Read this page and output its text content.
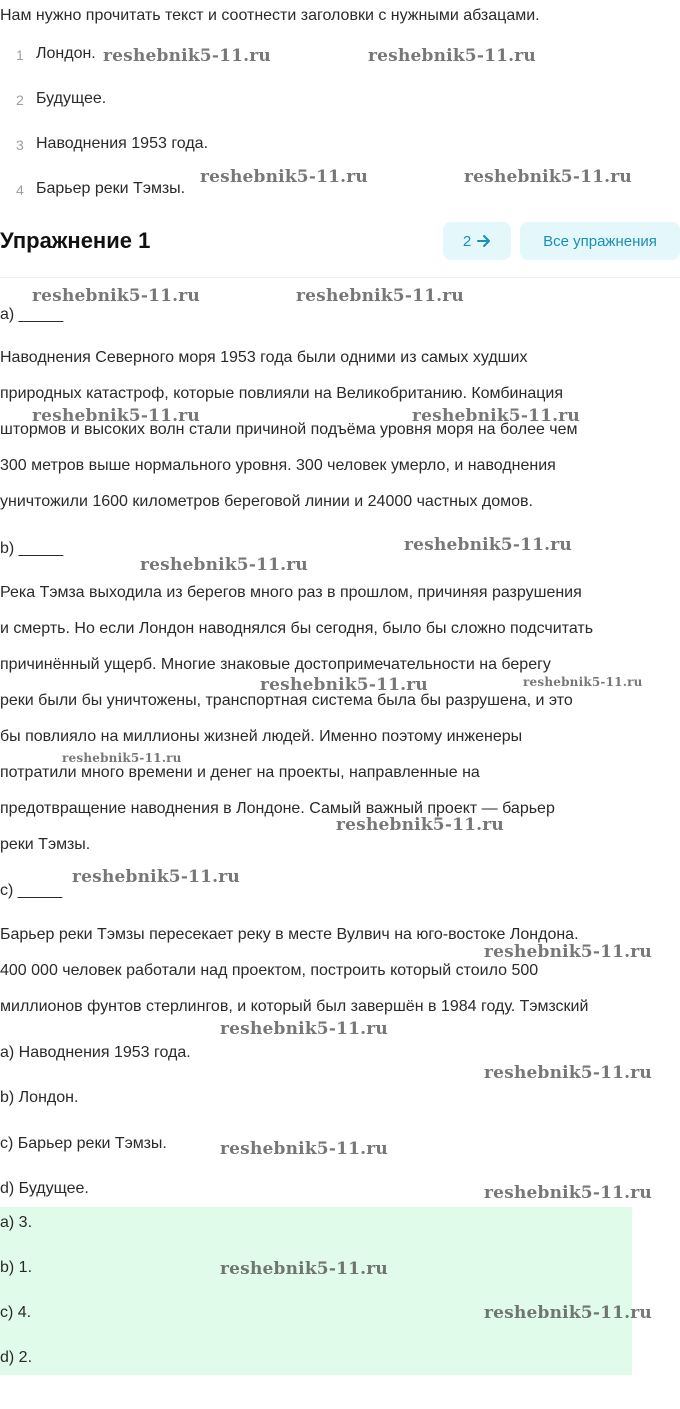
Нам нужно прочитать текст и соотнести заголовки с нужными абзацами.
1 Лондон.
2 Будущее.
3 Наводнения 1953 года.
4 Барьер реки Тэмзы.
Упражнение 1	2	Все упражнения
a) _____
Наводнения Северного моря 1953 года были одними из самых худших
природных катастроф, которые повлияли на Великобританию. Комбинация
штормов и высоких волн стали причиной подъёма уровня моря на более чем
300 метров выше нормального уровня. 300 человек умерло, и наводнения
уничтожили 1600 километров береговой линии и 24000 частных домов.
b) _____
Река Тэмза выходила из берегов много раз в прошлом, причиняя разрушения
и смерть. Но если Лондон наводнялся бы сегодня, было бы сложно подсчитать
причинённый ущерб. Многие знаковые достопримечательности на берегу
реки были бы уничтожены, транспортная система была бы разрушена, и это
бы повлияло на миллионы жизней людей. Именно поэтому инженеры
потратили много времени и денег на проекты, направленные на
предотвращение наводнения в Лондоне. Самый важный проект — барьер
реки Тэмзы.
c) _____
Барьер реки Тэмзы пересекает реку в месте Вулвич на юго-востоке Лондона.
400 000 человек работали над проектом, построить который стоило 500
миллионов фунтов стерлингов, и который был завершён в 1984 году. Тэмзский
a) Наводнения 1953 года.
b) Лондон.
c) Барьер реки Тэмзы.
d) Будущее.
a) 3.
b) 1.
c) 4.
d) 2.
reshebnik5-11.ru	reshebnik5-11.ru
reshebnik5-11.ru	reshebnik5-11.ru
reshebnik5-11.ru	reshebnik5-11.ru
reshebnik5-11.ru	reshebnik5-11.ru
reshebnik5-11.ru
reshebnik5-11.ru
reshebnik5-11.ru	reshebnik5-11.ru
reshebnik5-11.ru
reshebnik5-11.ru
reshebnik5-11.ru
reshebnik5-11.ru
reshebnik5-11.ru
reshebnik5-11.ru
reshebnik5-11.ru
reshebnik5-11.ru
reshebnik5-11.ru
reshebnik5-11.ru
